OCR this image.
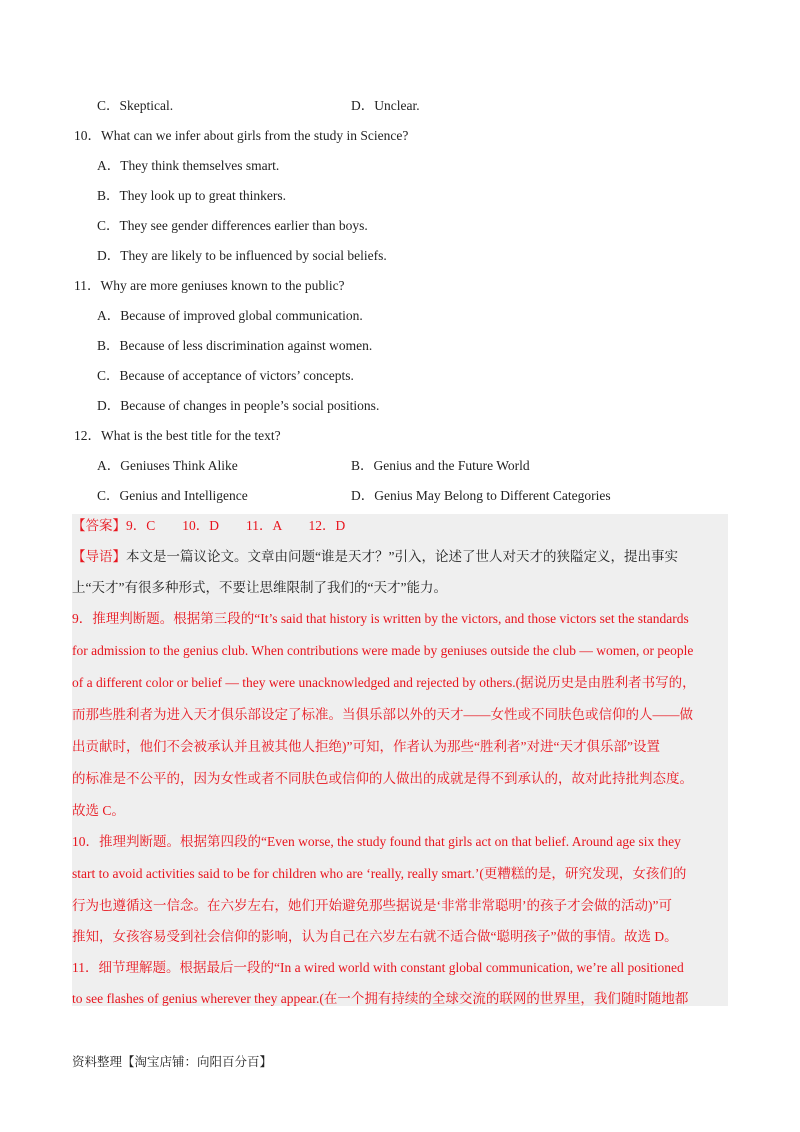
C．Skeptical.	D．Unclear.
10．What can we infer about girls from the study in Science?
A．They think themselves smart.
B．They look up to great thinkers.
C．They see gender differences earlier than boys.
D．They are likely to be influenced by social beliefs.
11．Why are more geniuses known to the public?
A．Because of improved global communication.
B．Because of less discrimination against women.
C．Because of acceptance of victors’ concepts.
D．Because of changes in people’s social positions.
12．What is the best title for the text?
A．Geniuses Think Alike	B．Genius and the Future World
C．Genius and Intelligence	D．Genius May Belong to Different Categories
【答案】9．C　　10．D　　11．A　　12．D
【导语】本文是一篇议论文。文章由问题“谁是天才？”引入，论述了世人对天才的狭隘定义，提出事实
上“天才”有很多种形式，不要让思维限制了我们的“天才”能力。
9．推理判断题。根据第三段的“It’s said that history is written by the victors, and those victors set the standards
for admission to the genius club. When contributions were made by geniuses outside the club — women, or people
of a different color or belief — they were unacknowledged and rejected by others.(据说历史是由胜利者书写的，
而那些胜利者为进入天才俱乐部设定了标准。当俱乐部以外的天才——女性或不同肤色或信仰的人——做
出贡献时，他们不会被承认并且被其他人拒绝)”可知，作者认为那些“胜利者”对进“天才俱乐部”设置
的标准是不公平的，因为女性或者不同肤色或信仰的人做出的成就是得不到承认的，故对此持批判态度。
故选 C。
10．推理判断题。根据第四段的“Even worse, the study found that girls act on that belief. Around age six they
start to avoid activities said to be for children who are ‘really, really smart.’(更糟糕的是，研究发现，女孩们的
行为也遵循这一信念。在六岁左右，她们开始避免那些据说是‘非常非常聪明’的孩子才会做的活动)”可
推知，女孩容易受到社会信仰的影响，认为自己在六岁左右就不适合做“聪明孩子”做的事情。故选 D。
11．细节理解题。根据最后一段的“In a wired world with constant global communication, we’re all positioned
to see flashes of genius wherever they appear.(在一个拥有持续的全球交流的联网的世界里，我们随时随地都
资料整理【淘宝店铺：向阳百分百】
